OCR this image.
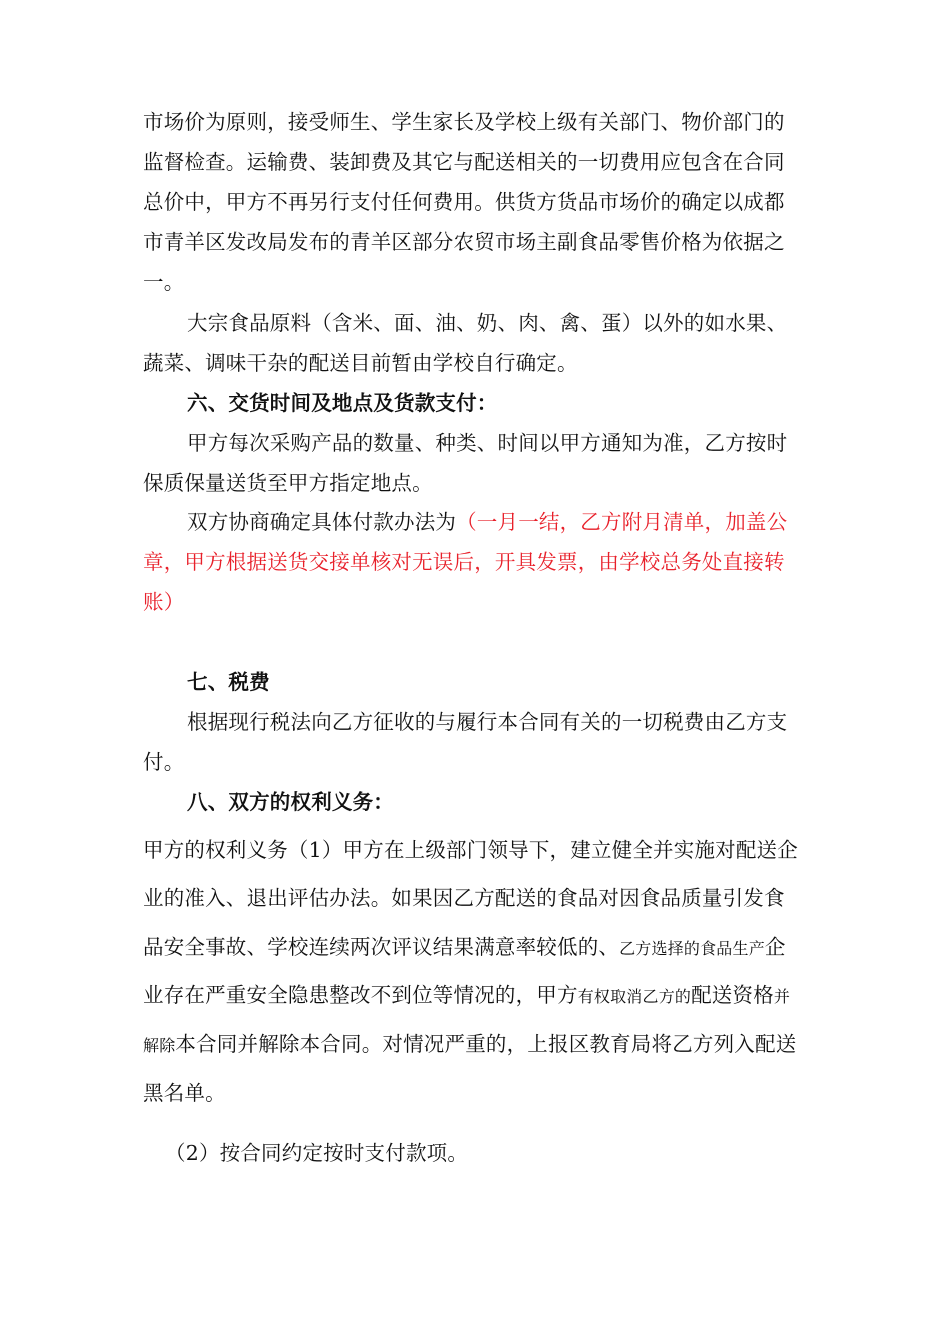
市场价为原则，接受师生、学生家长及学校上级有关部门、物价部门的
监督检查。运输费、装卸费及其它与配送相关的一切费用应包含在合同
总价中，甲方不再另行支付任何费用。供货方货品市场价的确定以成都
市青羊区发改局发布的青羊区部分农贸市场主副食品零售价格为依据之
一。
大宗食品原料（含米、面、油、奶、肉、禽、蛋）以外的如水果、
蔬菜、调味干杂的配送目前暂由学校自行确定。
六、交货时间及地点及货款支付：
甲方每次采购产品的数量、种类、时间以甲方通知为准，乙方按时
保质保量送货至甲方指定地点。
双方协商确定具体付款办法为（一月一结，乙方附月清单，加盖公
章，甲方根据送货交接单核对无误后，开具发票，由学校总务处直接转
账）
七、税费
根据现行税法向乙方征收的与履行本合同有关的一切税费由乙方支
付。
八、双方的权利义务：
甲方的权利义务（1）甲方在上级部门领导下，建立健全并实施对配送企
业的准入、退出评估办法。如果因乙方配送的食品对因食品质量引发食
品安全事故、学校连续两次评议结果满意率较低的、乙方选择的食品生产企
业存在严重安全隐患整改不到位等情况的，甲方有权取消乙方的配送资格并
解除本合同并解除本合同。对情况严重的，上报区教育局将乙方列入配送
黑名单。
（2）按合同约定按时支付款项。
